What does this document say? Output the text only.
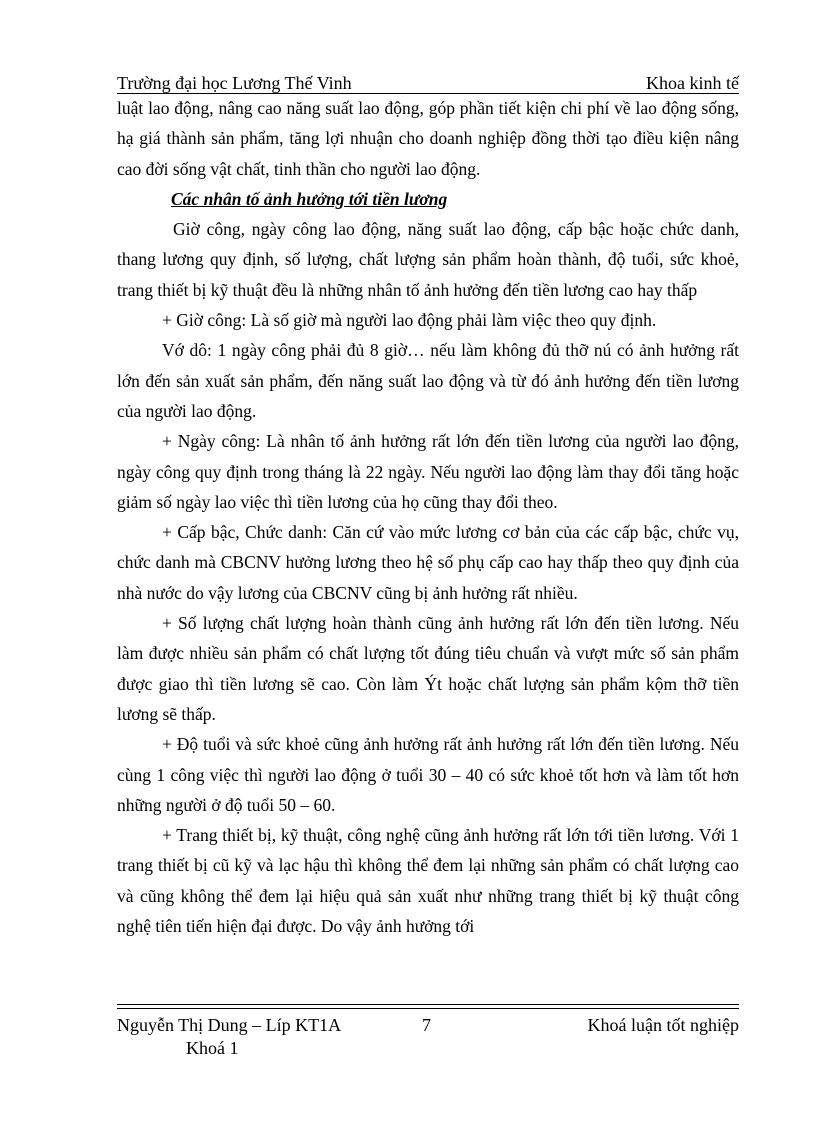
Trường đại học Lương Thế Vinh	Khoa kinh tế

luật lao động, nâng cao năng suất lao động, góp phần tiết kiện chi phí về lao động sống, hạ giá thành sản phẩm, tăng lợi nhuận cho doanh nghiệp đồng thời tạo điều kiện nâng cao đời sống vật chất, tinh thần cho người lao động.

Các nhân tố ảnh hưởng tới tiền lương

Giờ công, ngày công lao động, năng suất lao động, cấp bậc hoặc chức danh, thang lương quy định, số lượng, chất lượng sản phẩm hoàn thành, độ tuổi, sức khoẻ, trang thiết bị kỹ thuật đều là những nhân tố ảnh hưởng đến tiền lương cao hay thấp

+ Giờ công: Là số giờ mà người lao động phải làm việc theo quy định.

Vớ dô: 1 ngày công phải đủ 8 giờ… nếu làm không đủ thỡ nú có ảnh hưởng rất lớn đến sản xuất sản phẩm, đến năng suất lao động và từ đó ảnh hưởng đến tiền lương của người lao động.

+ Ngày công: Là nhân tố ảnh hưởng rất lớn đến tiền lương của người lao động, ngày công quy định trong tháng là 22 ngày. Nếu người lao động làm thay đổi tăng hoặc giảm số ngày lao việc thì tiền lương của họ cũng thay đổi theo.

+ Cấp bậc, Chức danh: Căn cứ vào mức lương cơ bản của các cấp bậc, chức vụ, chức danh mà CBCNV hưởng lương theo hệ số phụ cấp cao hay thấp theo quy định của nhà nước do vậy lương của CBCNV cũng bị ảnh hưởng rất nhiều.

+ Số lượng chất lượng hoàn thành cũng ảnh hưởng rất lớn đến tiền lương. Nếu làm được nhiều sản phẩm có chất lượng tốt đúng tiêu chuẩn và vượt mức số sản phẩm được giao thì tiền lương sẽ cao. Còn làm Ýt hoặc chất lượng sản phẩm kộm thỡ tiền lương sẽ thấp.

+ Độ tuổi và sức khoẻ cũng ảnh hưởng rất ảnh hưởng rất lớn đến tiền lương. Nếu cùng 1 công việc thì người lao động ở tuổi 30 – 40 có sức khoẻ tốt hơn và làm tốt hơn những người ở độ tuổi 50 – 60.

+ Trang thiết bị, kỹ thuật, công nghệ cũng ảnh hưởng rất lớn tới tiền lương. Với 1 trang thiết bị cũ kỹ và lạc hậu thì không thể đem lại những sản phẩm có chất lượng cao và cũng không thể đem lại hiệu quả sản xuất như những trang thiết bị kỹ thuật công nghệ tiên tiến hiện đại được. Do vậy ảnh hưởng tới

Nguyễn Thị Dung – Líp KT1A	7	Khoá luận tốt nghiệp
Khoá 1
